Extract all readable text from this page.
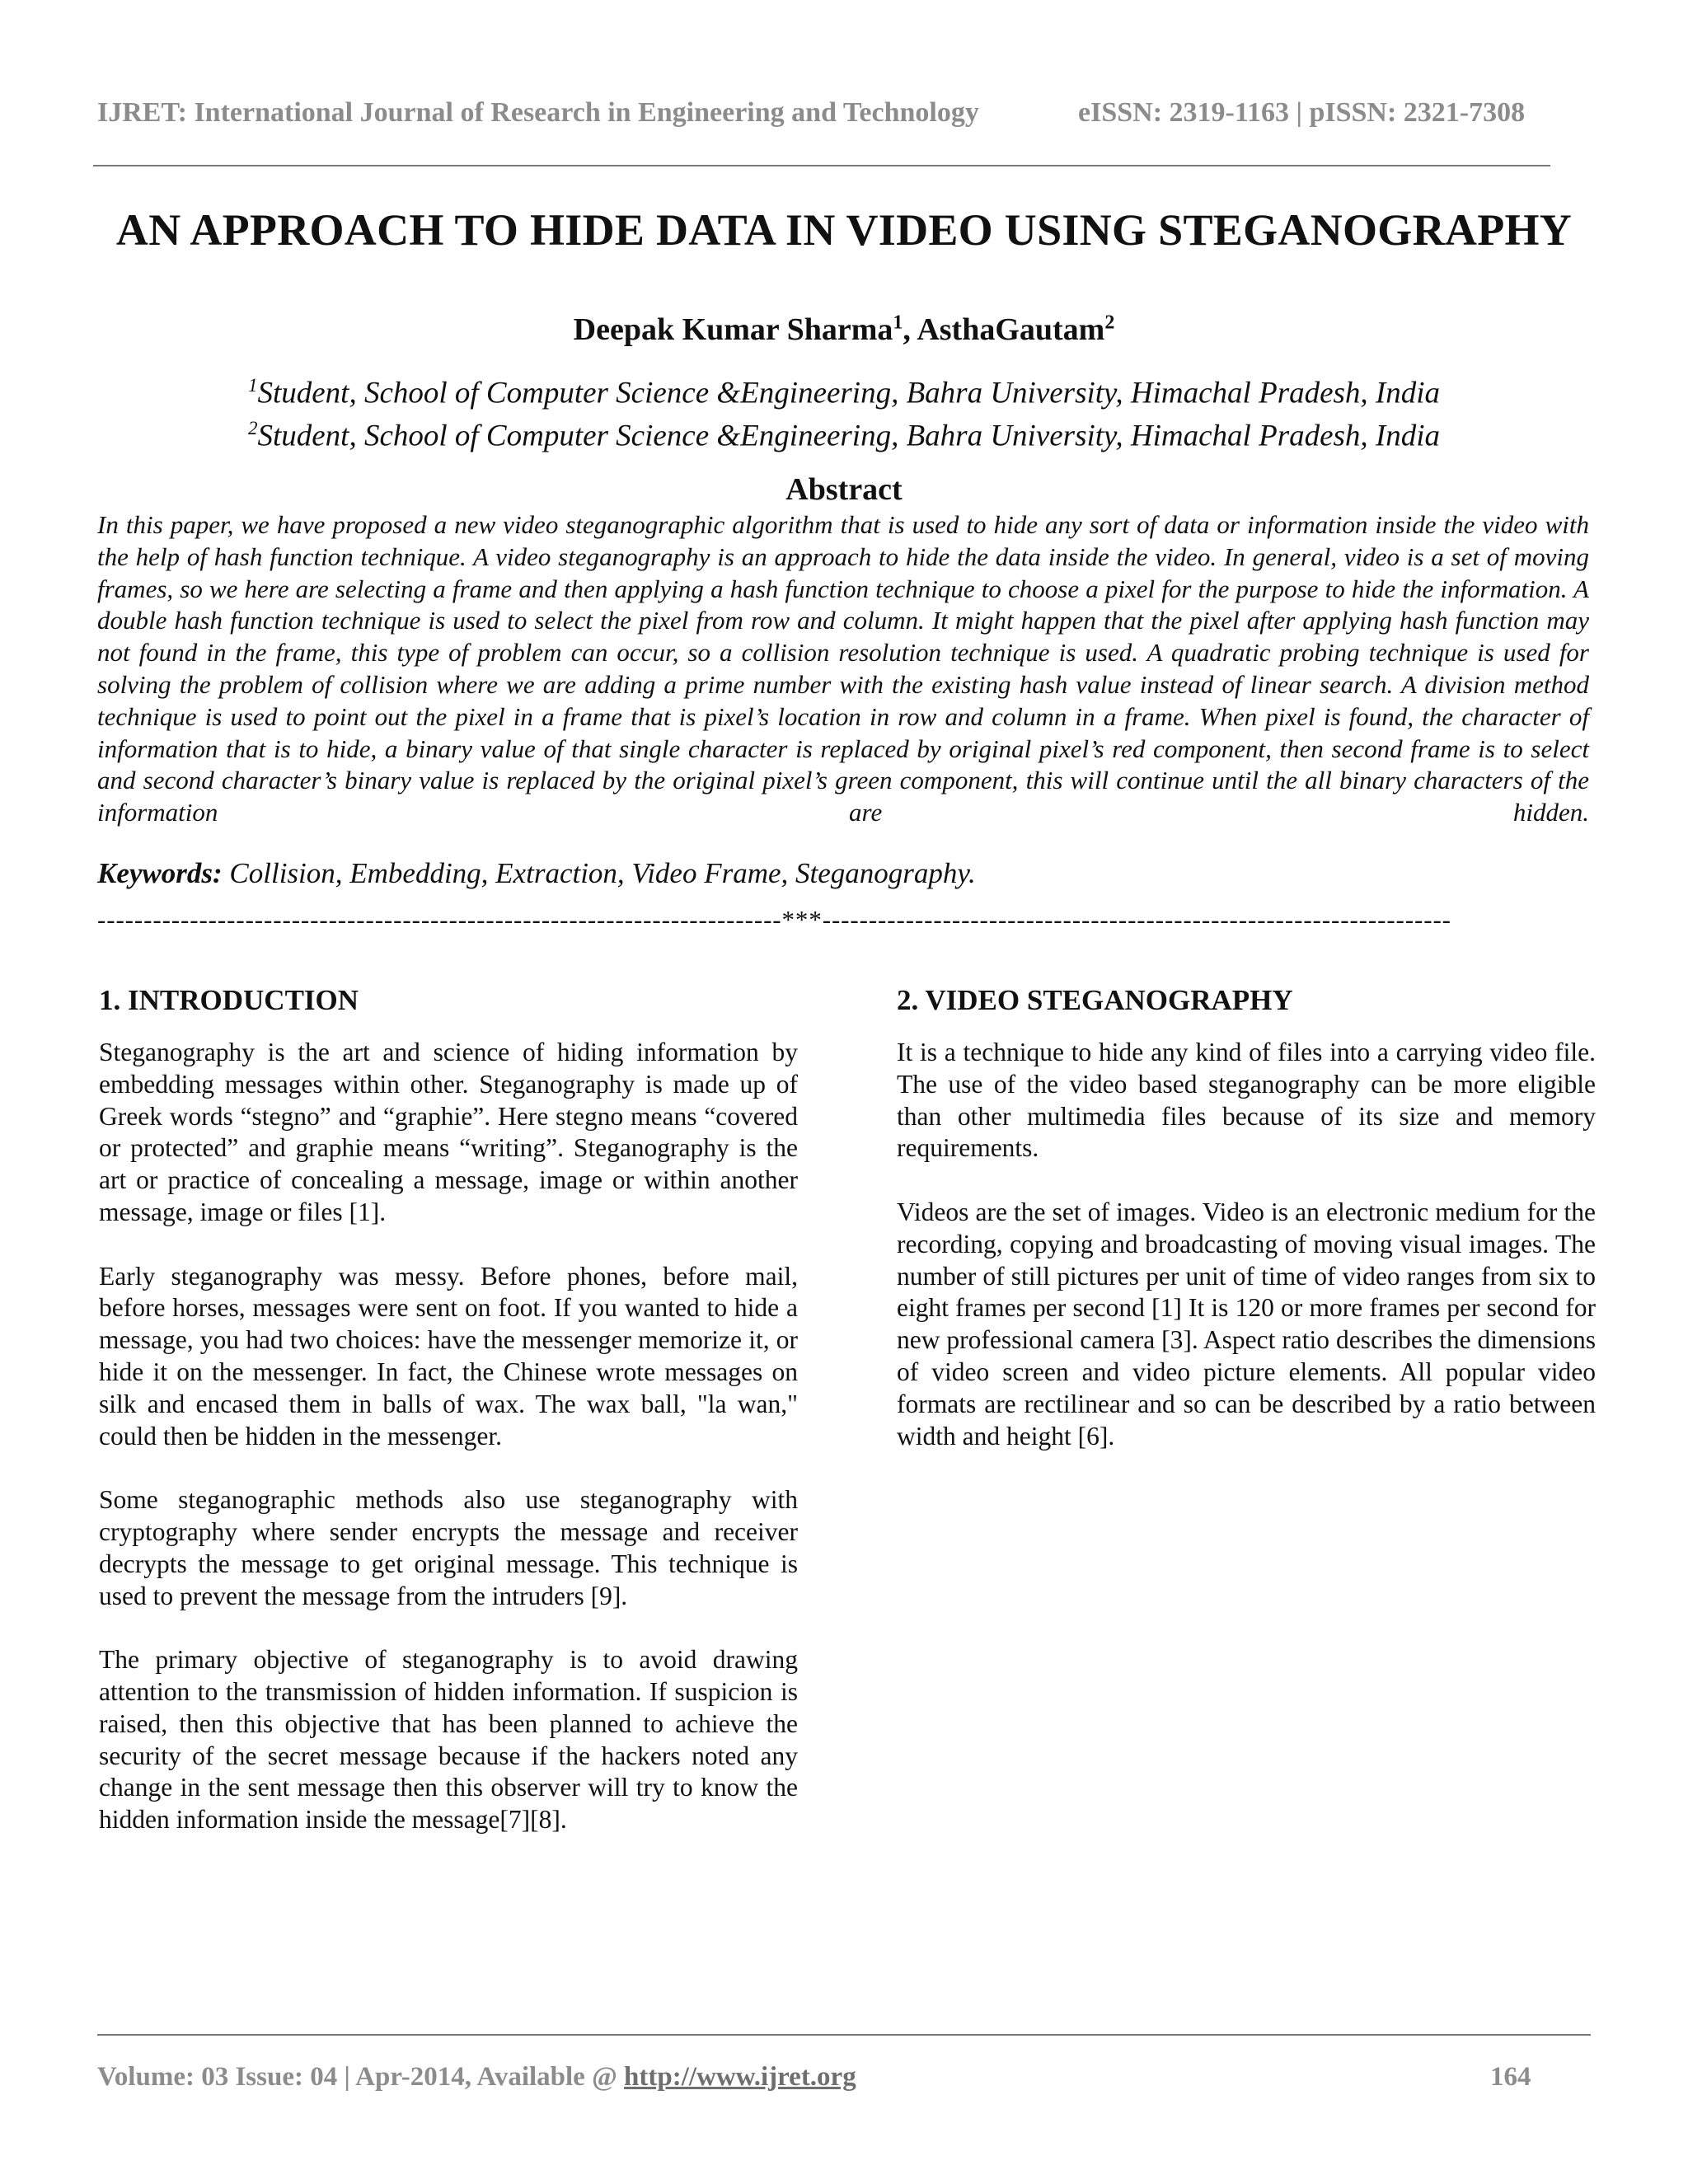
IJRET: International Journal of Research in Engineering and Technology	eISSN: 2319-1163 | pISSN: 2321-7308
AN APPROACH TO HIDE DATA IN VIDEO USING STEGANOGRAPHY
Deepak Kumar Sharma$^1$, AsthaGautam$^2$
$^1$Student, School of Computer Science &Engineering, Bahra University, Himachal Pradesh, India
$^2$Student, School of Computer Science &Engineering, Bahra University, Himachal Pradesh, India
Abstract
In this paper, we have proposed a new video steganographic algorithm that is used to hide any sort of data or information inside the video with the help of hash function technique. A video steganography is an approach to hide the data inside the video. In general, video is a set of moving frames, so we here are selecting a frame and then applying a hash function technique to choose a pixel for the purpose to hide the information. A double hash function technique is used to select the pixel from row and column. It might happen that the pixel after applying hash function may not found in the frame, this type of problem can occur, so a collision resolution technique is used. A quadratic probing technique is used for solving the problem of collision where we are adding a prime number with the existing hash value instead of linear search. A division method technique is used to point out the pixel in a frame that is pixel’s location in row and column in a frame. When pixel is found, the character of information that is to hide, a binary value of that single character is replaced by original pixel’s red component, then second frame is to select and second character’s binary value is replaced by the original pixel’s green component, this will continue until the all binary characters of the information are hidden.
Keywords: Collision, Embedding, Extraction, Video Frame, Steganography.
--------------------------------------------------------------------------***--------------------------------------------------------------------
1. INTRODUCTION

Steganography is the art and science of hiding information by embedding messages within other. Steganography is made up of Greek words “stegno” and “graphie”. Here stegno means “covered or protected” and graphie means “writing”. Steganography is the art or practice of concealing a message, image or within another message, image or files [1].

Early steganography was messy. Before phones, before mail, before horses, messages were sent on foot. If you wanted to hide a message, you had two choices: have the messenger memorize it, or hide it on the messenger. In fact, the Chinese wrote messages on silk and encased them in balls of wax. The wax ball, "la wan," could then be hidden in the messenger.

Some steganographic methods also use steganography with cryptography where sender encrypts the message and receiver decrypts the message to get original message. This technique is used to prevent the message from the intruders [9].

The primary objective of steganography is to avoid drawing attention to the transmission of hidden information. If suspicion is raised, then this objective that has been planned to achieve the security of the secret message because if the hackers noted any change in the sent message then this observer will try to know the hidden information inside the message[7][8].

2. VIDEO STEGANOGRAPHY

It is a technique to hide any kind of files into a carrying video file. The use of the video based steganography can be more eligible than other multimedia files because of its size and memory requirements.

Videos are the set of images. Video is an electronic medium for the recording, copying and broadcasting of moving visual images. The number of still pictures per unit of time of video ranges from six to eight frames per second [1] It is 120 or more frames per second for new professional camera [3]. Aspect ratio describes the dimensions of video screen and video picture elements. All popular video formats are rectilinear and so can be described by a ratio between width and height [6].

Volume: 03 Issue: 04 | Apr-2014, Available @ http://www.ijret.org	164
